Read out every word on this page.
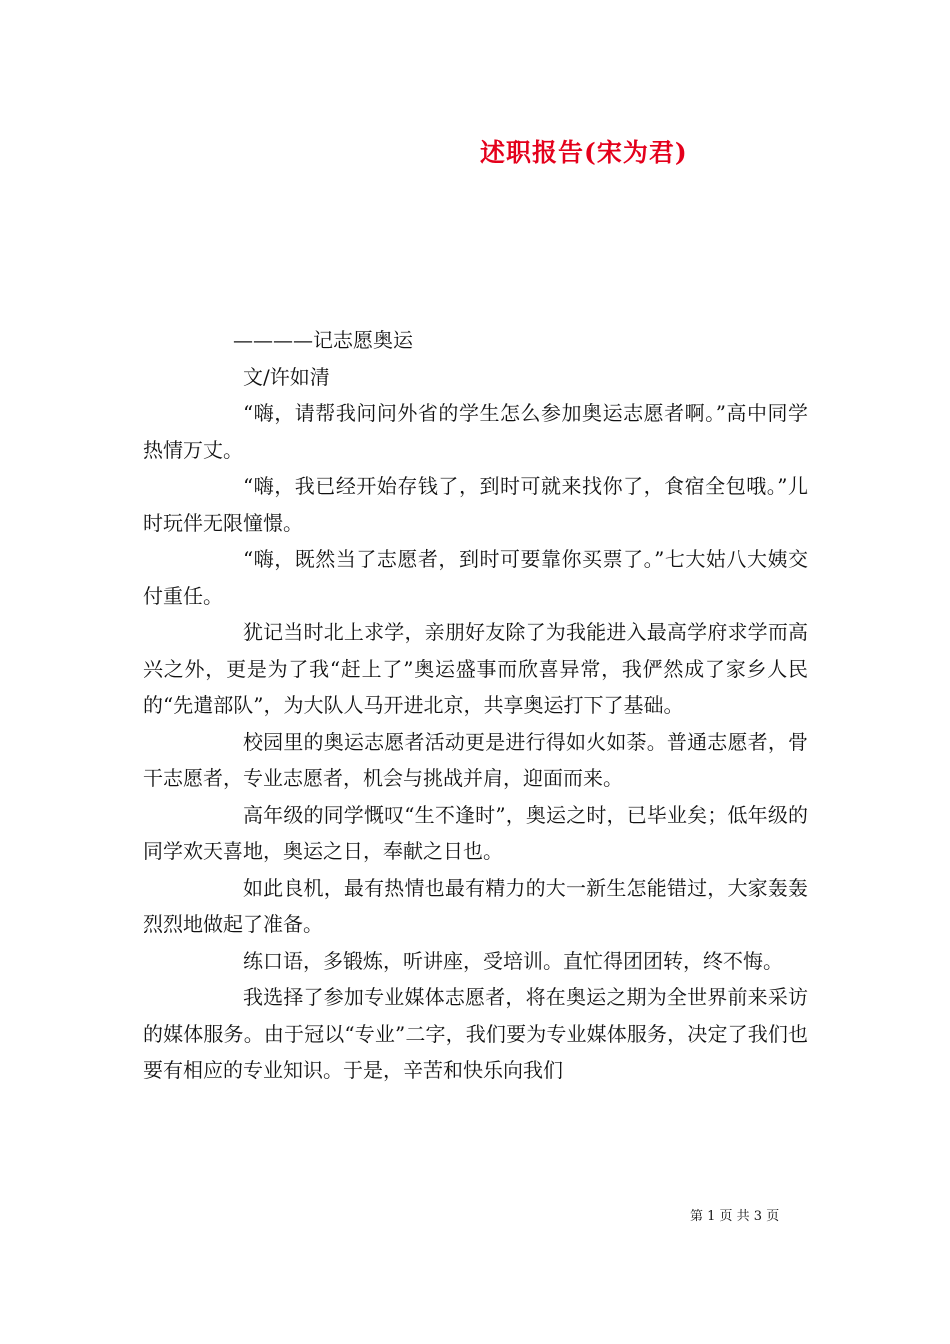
述职报告(宋为君)

————记志愿奥运

文/许如清

“嗨，请帮我问问外省的学生怎么参加奥运志愿者啊。”高中同学热情万丈。

“嗨，我已经开始存钱了，到时可就来找你了，食宿全包哦。”儿时玩伴无限憧憬。

“嗨，既然当了志愿者，到时可要靠你买票了。”七大姑八大姨交付重任。

犹记当时北上求学，亲朋好友除了为我能进入最高学府求学而高兴之外，更是为了我“赶上了”奥运盛事而欣喜异常，我俨然成了家乡人民的“先遣部队”，为大队人马开进北京，共享奥运打下了基础。

校园里的奥运志愿者活动更是进行得如火如荼。普通志愿者，骨干志愿者，专业志愿者，机会与挑战并肩，迎面而来。

高年级的同学慨叹“生不逢时”，奥运之时，已毕业矣；低年级的同学欢天喜地，奥运之日，奉献之日也。

如此良机，最有热情也最有精力的大一新生怎能错过，大家轰轰烈烈地做起了准备。

练口语，多锻炼，听讲座，受培训。直忙得团团转，终不悔。

我选择了参加专业媒体志愿者，将在奥运之期为全世界前来采访的媒体服务。由于冠以“专业”二字，我们要为专业媒体服务，决定了我们也要有相应的专业知识。于是，辛苦和快乐向我们

第 1 页 共 3 页
